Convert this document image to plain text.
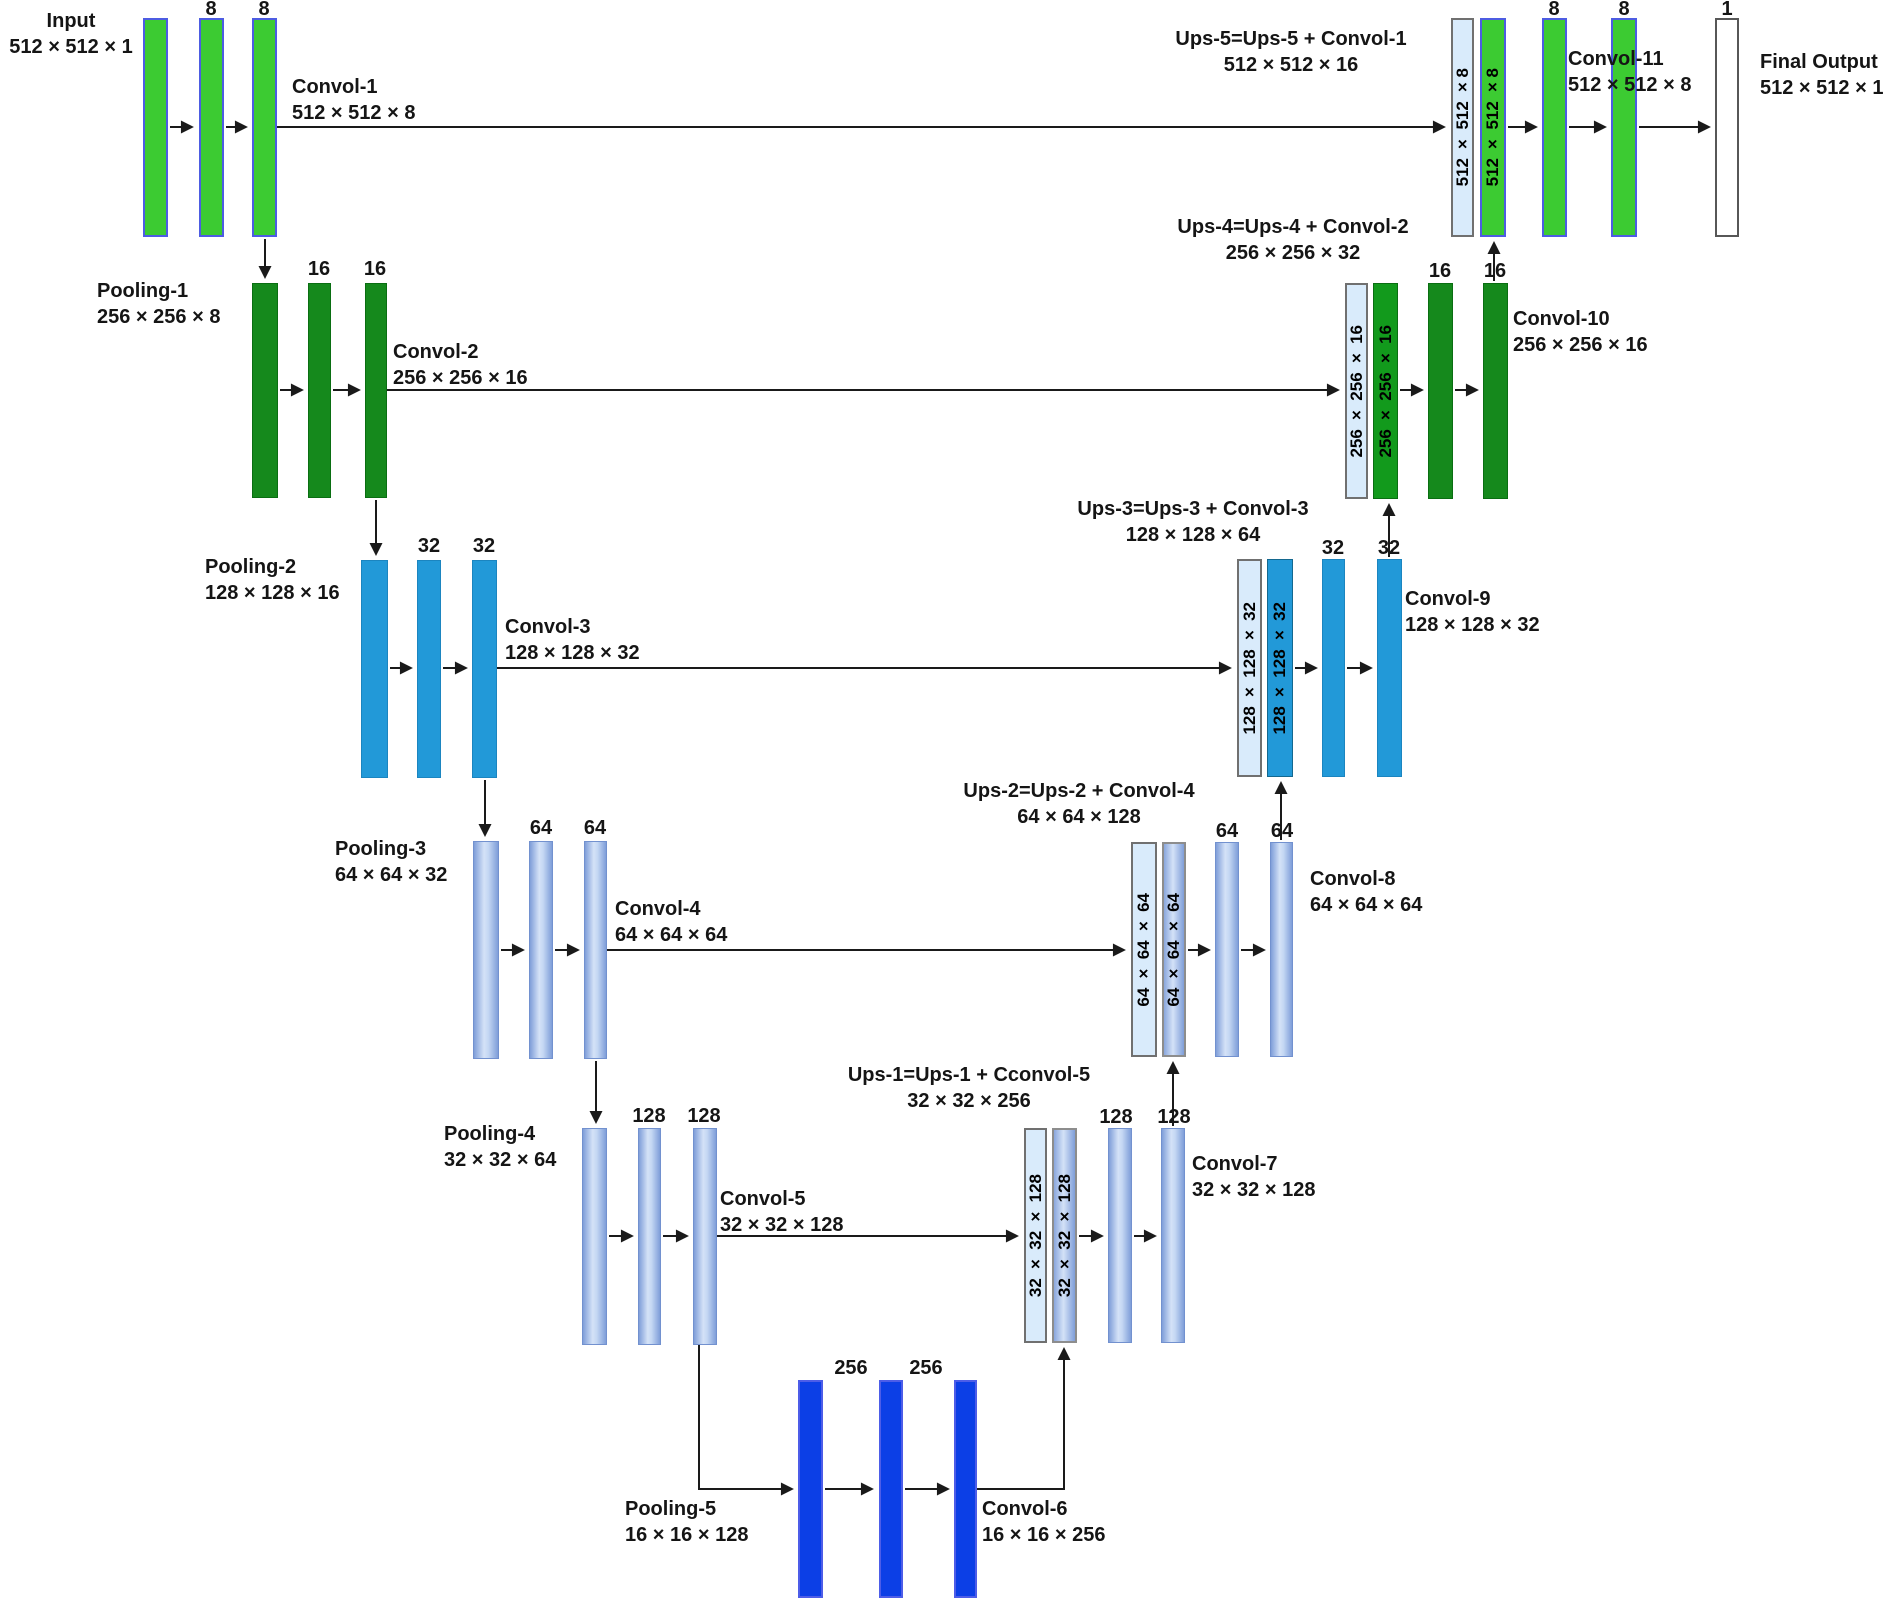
32 × 32 × 128 32 × 32 × 128
64 × 64 × 64 64 × 64 × 64
128 × 128 × 32 128 × 128 × 32
256 × 256 × 16 256 × 256 × 16
512 × 512 ×8 512 × 512 ×8
Input
512 × 512 × 1
Convol-1
512 × 512 × 8
Pooling-1
256 × 256 × 8
Convol-2
256 × 256 × 16
Pooling-2
128 × 128 × 16
Convol-3
128 × 128 × 32
Pooling-3
64 × 64 × 32
Convol-4
64 × 64 × 64
Pooling-4
32 × 32 × 64
Convol-5
32 × 32 × 128
Pooling-5
16 × 16 × 128
Convol-6
16 × 16 × 256
Ups-1=Ups-1 + Cconvol-5
32 × 32 × 256
Convol-7
32 × 32 × 128
Ups-2=Ups-2 + Convol-4
64 × 64 × 128
Convol-8
64 × 64 × 64
Ups-3=Ups-3 + Convol-3
128 × 128 × 64
Convol-9
128 × 128 × 32
Ups-4=Ups-4 + Convol-2
256 × 256 × 32
Convol-10
256 × 256 × 16
Ups-5=Ups-5 + Convol-1
512 × 512 × 16	Convol-11
512 × 512 × 8
Final Output
512 × 512 × 1
8 8
16 16
32 32
64 64
128 128
256 256
128 128
64 64
32 32
16 16
8	8	1
